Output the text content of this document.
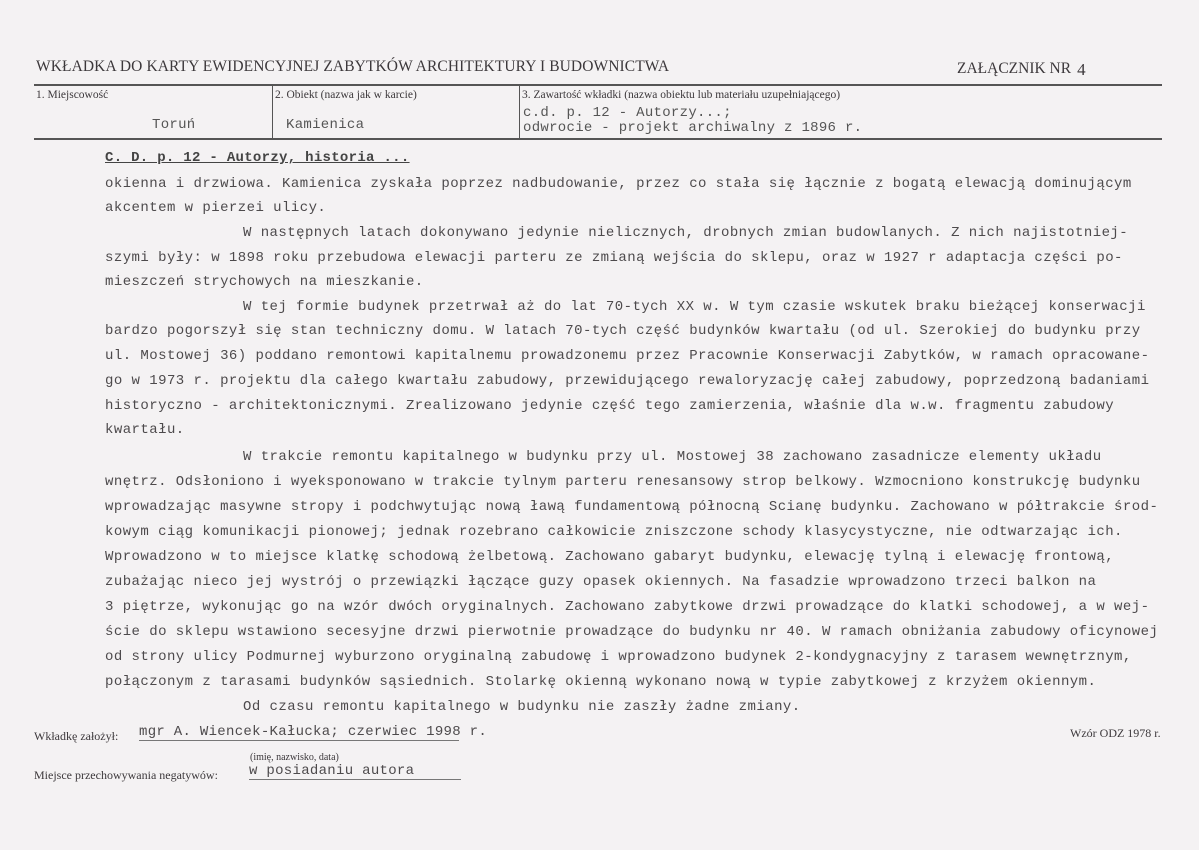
WKŁADKA DO KARTY EWIDENCYJNEJ ZABYTKÓW ARCHITEKTURY I BUDOWNICTWA	ZAŁĄCZNIK NR 4
1. Miejscowość
Toruń
2. Obiekt (nazwa jak w karcie)
Kamienica
3. Zawartość wkładki (nazwa obiektu lub materiału uzupełniającego)
c.d. p. 12 - Autorzy...;
odwrocie - projekt archiwalny z 1896 r.
C. D. p. 12 - Autorzy, historia ...
okienna i drzwiowa. Kamienica zyskała poprzez nadbudowanie, przez co stała się łącznie z bogatą elewacją dominującym
akcentem w pierzei ulicy.
W następnych latach dokonywano jedynie nielicznych, drobnych zmian budowlanych. Z nich najistotniej-
szymi były: w 1898 roku przebudowa elewacji parteru ze zmianą wejścia do sklepu, oraz w 1927 r adaptacja części po-
mieszczeń strychowych na mieszkanie.
W tej formie budynek przetrwał aż do lat 70-tych XX w. W tym czasie wskutek braku bieżącej konserwacji
bardzo pogorszył się stan techniczny domu. W latach 70-tych część budynków kwartału (od ul. Szerokiej do budynku przy
ul. Mostowej 36) poddano remontowi kapitalnemu prowadzonemu przez Pracownie Konserwacji Zabytków, w ramach opracowane-
go w 1973 r. projektu dla całego kwartału zabudowy, przewidującego rewaloryzację całej zabudowy, poprzedzoną badaniami
historyczno - architektonicznymi. Zrealizowano jedynie część tego zamierzenia, właśnie dla w.w. fragmentu zabudowy
kwartału.
W trakcie remontu kapitalnego w budynku przy ul. Mostowej 38 zachowano zasadnicze elementy układu
wnętrz. Odsłoniono i wyeksponowano w trakcie tylnym parteru renesansowy strop belkowy. Wzmocniono konstrukcję budynku
wprowadzając masywne stropy i podchwytując nową ławą fundamentową północną Scianę budynku. Zachowano w półtrakcie środ-
kowym ciąg komunikacji pionowej; jednak rozebrano całkowicie zniszczone schody klasycystyczne, nie odtwarzając ich.
Wprowadzono w to miejsce klatkę schodową żelbetową. Zachowano gabaryt budynku, elewację tylną i elewację frontową,
zubażając nieco jej wystrój o przewiązki łączące guzy opasek okiennych. Na fasadzie wprowadzono trzeci balkon na
3 piętrze, wykonując go na wzór dwóch oryginalnych. Zachowano zabytkowe drzwi prowadzące do klatki schodowej, a w wej-
ście do sklepu wstawiono secesyjne drzwi pierwotnie prowadzące do budynku nr 40. W ramach obniżania zabudowy oficynowej
od strony ulicy Podmurnej wyburzono oryginalną zabudowę i wprowadzono budynek 2-kondygnacyjny z tarasem wewnętrznym,
połączonym z tarasami budynków sąsiednich. Stolarkę okienną wykonano nową w typie zabytkowej z krzyżem okiennym.
Od czasu remontu kapitalnego w budynku nie zaszły żadne zmiany.
Wkładkę założył: mgr A. Wiencek-Kałucka; czerwiec 1998 r.
(imię, nazwisko, data)
Miejsce przechowywania negatywów: w posiadaniu autora
Wzór ODZ 1978 r.
